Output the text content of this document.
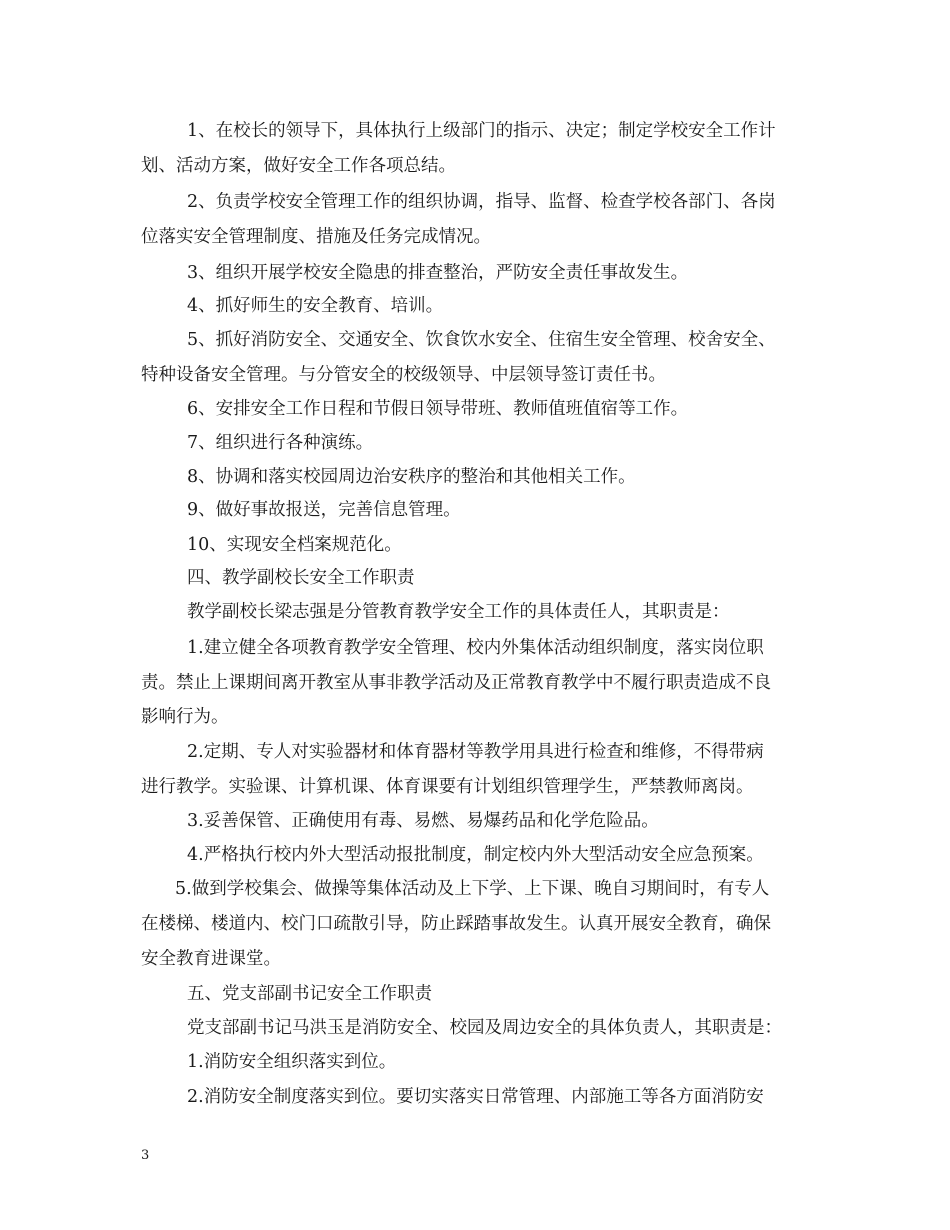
1、在校长的领导下，具体执行上级部门的指示、决定；制定学校安全工作计

划、活动方案，做好安全工作各项总结。

2、负责学校安全管理工作的组织协调，指导、监督、检查学校各部门、各岗

位落实安全管理制度、措施及任务完成情况。

3、组织开展学校安全隐患的排查整治，严防安全责任事故发生。

4、抓好师生的安全教育、培训。

5、抓好消防安全、交通安全、饮食饮水安全、住宿生安全管理、校舍安全、

特种设备安全管理。与分管安全的校级领导、中层领导签订责任书。

6、安排安全工作日程和节假日领导带班、教师值班值宿等工作。

7、组织进行各种演练。

8、协调和落实校园周边治安秩序的整治和其他相关工作。

9、做好事故报送，完善信息管理。

10、实现安全档案规范化。

四、教学副校长安全工作职责

教学副校长梁志强是分管教育教学安全工作的具体责任人，其职责是：

1.建立健全各项教育教学安全管理、校内外集体活动组织制度，落实岗位职

责。禁止上课期间离开教室从事非教学活动及正常教育教学中不履行职责造成不良

影响行为。

2.定期、专人对实验器材和体育器材等教学用具进行检查和维修，不得带病

进行教学。实验课、计算机课、体育课要有计划组织管理学生，严禁教师离岗。

3.妥善保管、正确使用有毒、易燃、易爆药品和化学危险品。

4.严格执行校内外大型活动报批制度，制定校内外大型活动安全应急预案。

5.做到学校集会、做操等集体活动及上下学、上下课、晚自习期间时，有专人

在楼梯、楼道内、校门口疏散引导，防止踩踏事故发生。认真开展安全教育，确保

安全教育进课堂。

五、党支部副书记安全工作职责

党支部副书记马洪玉是消防安全、校园及周边安全的具体负责人，其职责是：

1.消防安全组织落实到位。

2.消防安全制度落实到位。要切实落实日常管理、内部施工等各方面消防安

3
